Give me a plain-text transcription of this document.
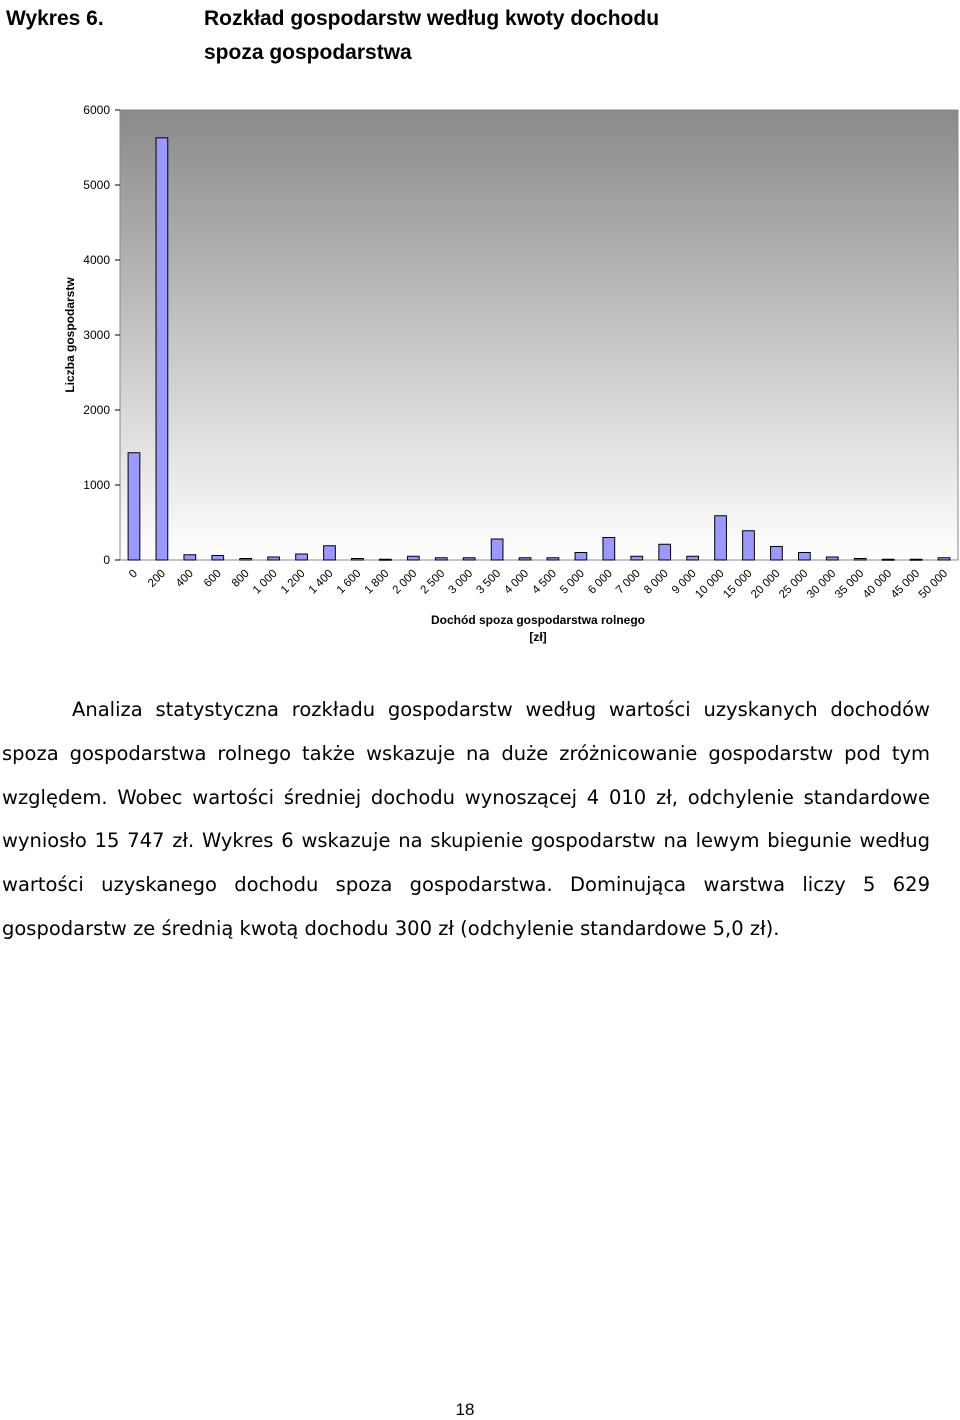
Wykres 6.	Rozkład gospodarstw według kwoty dochodu
spoza gospodarstwa
0
1000
2000
3000
4000
5000
6000
0 200 400 600 800 1 000 1 200 1 400 1 600 1 800 2 000 2 500 3 000 3 500 4 000 4 500 5 000 6 000 7 000 8 000 9 000
10 000
15 000
20 000
25 000
30 000
35 000
40 000
45 000
50 000
Liczba gospodarstw
Dochód spoza gospodarstwa rolnego
[zł]

Analiza statystyczna rozkładu gospodarstw według wartości uzyskanych dochodów spoza gospodarstwa rolnego także wskazuje na duże zróżnicowanie gospodarstw pod tym względem. Wobec wartości średniej dochodu wynoszącej 4 010 zł, odchylenie standardowe wyniosło 15 747 zł. Wykres 6 wskazuje na skupienie gospodarstw na lewym biegunie według wartości uzyskanego dochodu spoza gospodarstwa. Dominująca warstwa liczy 5 629 gospodarstw ze średnią kwotą dochodu 300 zł (odchylenie standardowe 5,0 zł).

18
